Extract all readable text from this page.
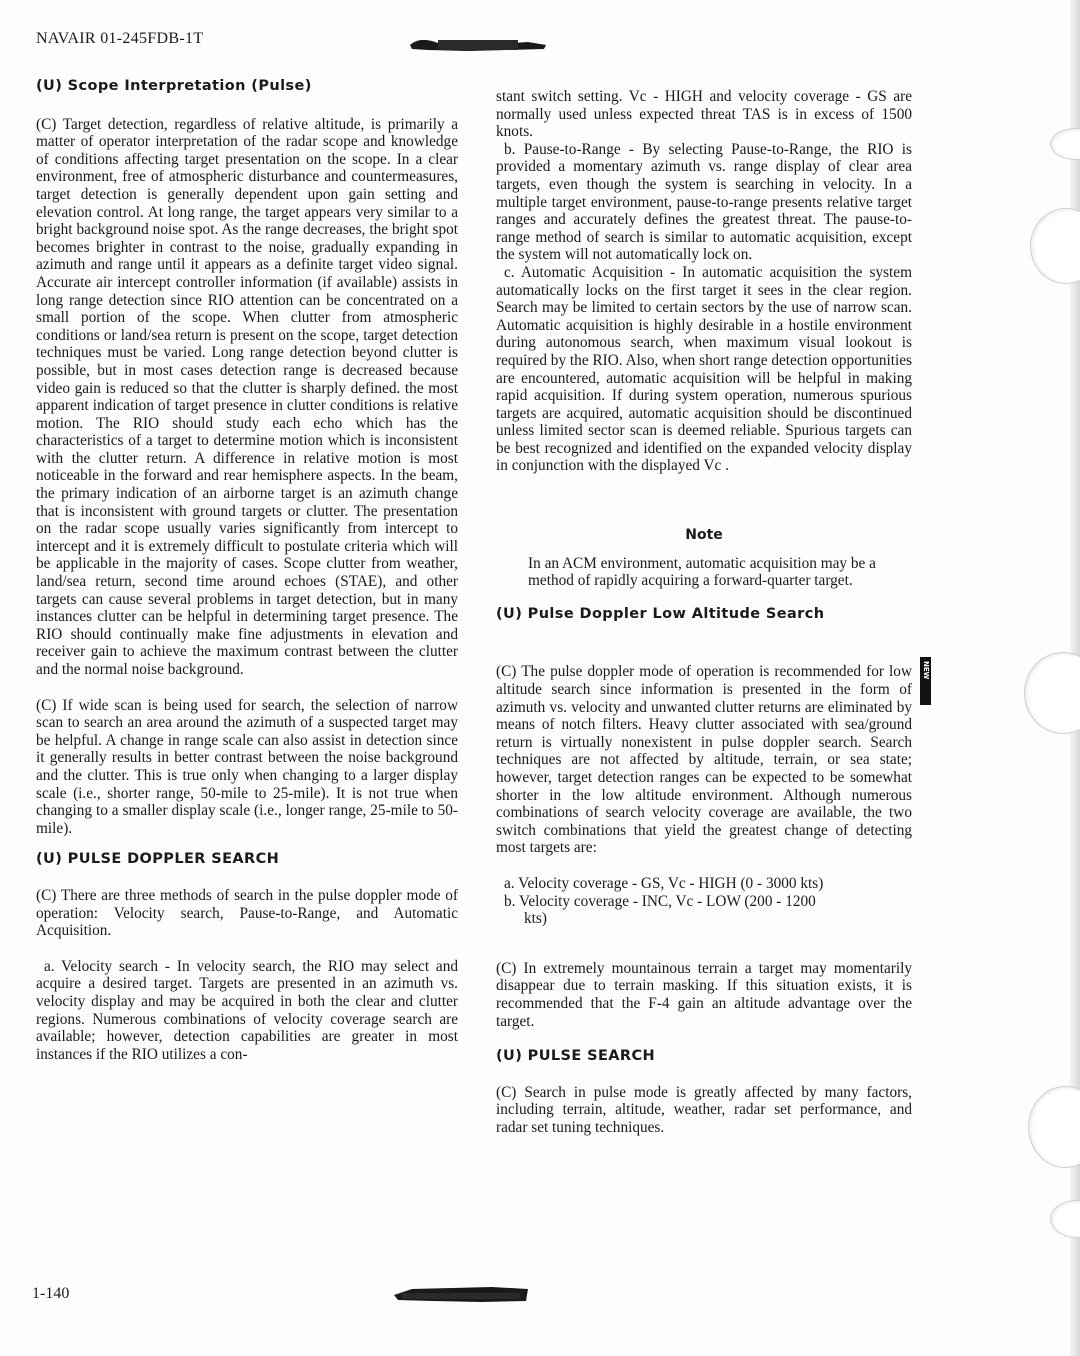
NAVAIR 01-245FDB-1T

(U) Scope Interpretation (Pulse)

(C) Target detection, regardless of relative altitude, is primarily a matter of operator interpretation of the radar scope and knowledge of conditions affecting target presentation on the scope. In a clear environment, free of atmospheric disturbance and countermeasures, target detection is generally dependent upon gain setting and elevation control. At long range, the target appears very similar to a bright background noise spot. As the range decreases, the bright spot becomes brighter in contrast to the noise, gradually expanding in azimuth and range until it appears as a definite target video signal. Accurate air intercept controller information (if available) assists in long range detection since RIO attention can be concentrated on a small portion of the scope. When clutter from atmospheric conditions or land/sea return is present on the scope, target detection techniques must be varied. Long range detection beyond clutter is possible, but in most cases detection range is decreased because video gain is reduced so that the clutter is sharply defined. the most apparent indication of target presence in clutter conditions is relative motion. The RIO should study each echo which has the characteristics of a target to determine motion which is inconsistent with the clutter return. A difference in relative motion is most noticeable in the forward and rear hemisphere aspects. In the beam, the primary indication of an airborne target is an azimuth change that is inconsistent with ground targets or clutter. The presentation on the radar scope usually varies significantly from intercept to intercept and it is extremely difficult to postulate criteria which will be applicable in the majority of cases. Scope clutter from weather, land/sea return, second time around echoes (STAE), and other targets can cause several problems in target detection, but in many instances clutter can be helpful in determining target presence. The RIO should continually make fine adjustments in elevation and receiver gain to achieve the maximum contrast between the clutter and the normal noise background.

(C) If wide scan is being used for search, the selection of narrow scan to search an area around the azimuth of a suspected target may be helpful. A change in range scale can also assist in detection since it generally results in better contrast between the noise background and the clutter. This is true only when changing to a larger display scale (i.e., shorter range, 50-mile to 25-mile). It is not true when changing to a smaller display scale (i.e., longer range, 25-mile to 50-mile).

(U) PULSE DOPPLER SEARCH

(C) There are three methods of search in the pulse doppler mode of operation: Velocity search, Pause-to-Range, and Automatic Acquisition.

a. Velocity search - In velocity search, the RIO may select and acquire a desired target. Targets are presented in an azimuth vs. velocity display and may be acquired in both the clear and clutter regions. Numerous combinations of velocity coverage search are available; however, detection capabilities are greater in most instances if the RIO utilizes a con-

stant switch setting. Vc - HIGH and velocity coverage - GS are normally used unless expected threat TAS is in excess of 1500 knots.

b. Pause-to-Range - By selecting Pause-to-Range, the RIO is provided a momentary azimuth vs. range display of clear area targets, even though the system is searching in velocity. In a multiple target environment, pause-to-range presents relative target ranges and accurately defines the greatest threat. The pause-to-range method of search is similar to automatic acquisition, except the system will not automatically lock on.

c. Automatic Acquisition - In automatic acquisition the system automatically locks on the first target it sees in the clear region. Search may be limited to certain sectors by the use of narrow scan. Automatic acquisition is highly desirable in a hostile environment during autonomous search, when maximum visual lookout is required by the RIO. Also, when short range detection opportunities are encountered, automatic acquisition will be helpful in making rapid acquisition. If during system operation, numerous spurious targets are acquired, automatic acquisition should be discontinued unless limited sector scan is deemed reliable. Spurious targets can be best recognized and identified on the expanded velocity display in conjunction with the displayed Vc .

Note

In an ACM environment, automatic acquisition may be a method of rapidly acquiring a forward-quarter target.

(U) Pulse Doppler Low Altitude Search

(C) The pulse doppler mode of operation is recommended for low altitude search since information is presented in the form of azimuth vs. velocity and unwanted clutter returns are eliminated by means of notch filters. Heavy clutter associated with sea/ground return is virtually nonexistent in pulse doppler search. Search techniques are not affected by altitude, terrain, or sea state; however, target detection ranges can be expected to be somewhat shorter in the low altitude environment. Although numerous combinations of search velocity coverage are available, the two switch combinations that yield the greatest change of detecting most targets are:

a. Velocity coverage - GS, Vc - HIGH (0 - 3000 kts)

b. Velocity coverage - INC, Vc - LOW (200 - 1200

kts)

(C) In extremely mountainous terrain a target may momentarily disappear due to terrain masking. If this situation exists, it is recommended that the F-4 gain an altitude advantage over the target.

(U) PULSE SEARCH

(C) Search in pulse mode is greatly affected by many factors, including terrain, altitude, weather, radar set performance, and radar set tuning techniques.

NEW
1-140
